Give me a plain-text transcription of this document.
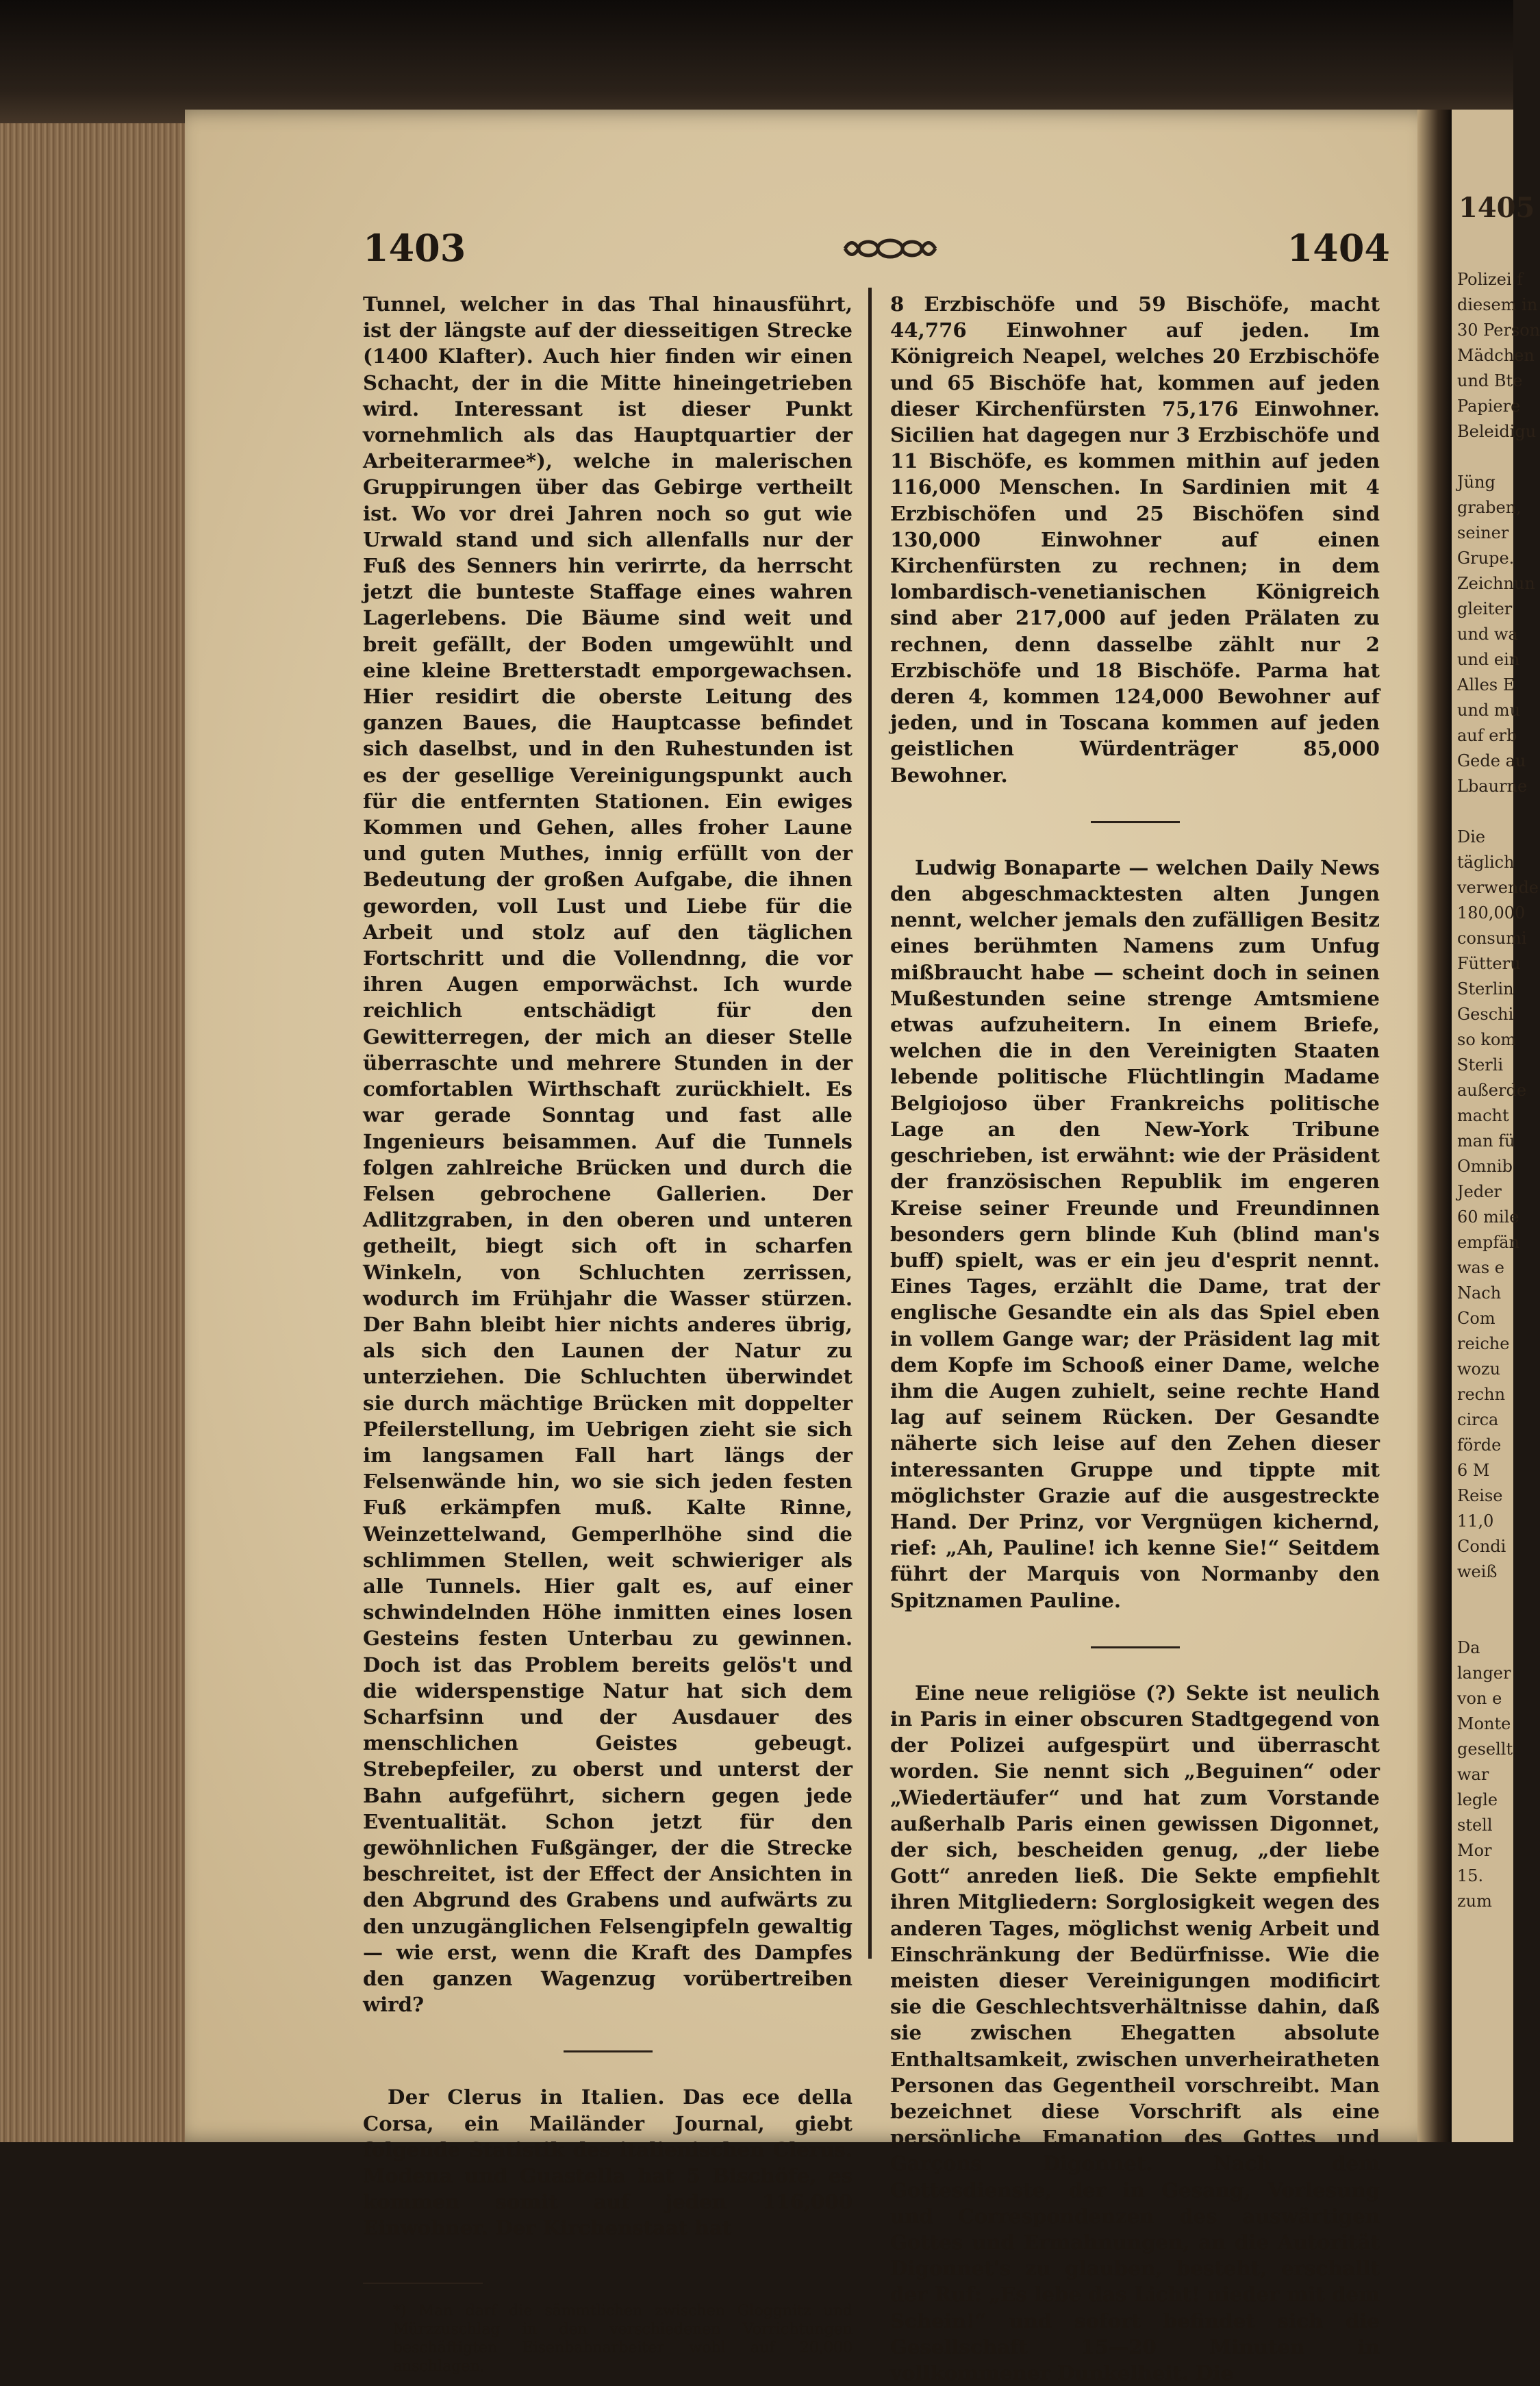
1405
Polizei f
diesem in
30 Person
Mädchen
und Bte
Papiere
Beleidigu
Jüng
graben,
seiner
Grupe.
Zeichnun
gleiter
und wa
und ein
Alles E
und mu
auf erb
Gede au
Lbaurne
Die
täglich
verwende
180,000
consumi
Fütteru
Sterlin
Geschi
so kom
Sterli
außerde
macht
man fü
Omnib
Jeder
60 mile
empfän
was e
Nach
Com
reiche
wozu
rechn
circa
förde
6 M
Reise
11,0
Condi
weiß
Da
langer
von e
Monte
gesellt
war
legle
stell
Mor
15.
zum
1403	1404

Tunnel, welcher in das Thal hinausführt, ist der längste auf der diesseitigen Strecke (1400 Klafter). Auch hier finden wir einen Schacht, der in die Mitte hineingetrieben wird. Interessant ist dieser Punkt vornehmlich als das Hauptquartier der Arbeiterarmee*), welche in malerischen Gruppirungen über das Gebirge vertheilt ist. Wo vor drei Jahren noch so gut wie Urwald stand und sich allenfalls nur der Fuß des Senners hin verirrte, da herrscht jetzt die bunteste Staffage eines wahren Lagerlebens. Die Bäume sind weit und breit gefällt, der Boden umgewühlt und eine kleine Bretterstadt emporgewachsen. Hier residirt die oberste Leitung des ganzen Baues, die Hauptcasse befindet sich daselbst, und in den Ruhestunden ist es der gesellige Vereinigungspunkt auch für die entfernten Stationen. Ein ewiges Kommen und Gehen, alles froher Laune und guten Muthes, innig erfüllt von der Bedeutung der großen Aufgabe, die ihnen geworden, voll Lust und Liebe für die Arbeit und stolz auf den täglichen Fortschritt und die Vollendnng, die vor ihren Augen emporwächst. Ich wurde reichlich entschädigt für den Gewitterregen, der mich an dieser Stelle überraschte und mehrere Stunden in der comfortablen Wirthschaft zurückhielt. Es war gerade Sonntag und fast alle Ingenieurs beisammen. Auf die Tunnels folgen zahlreiche Brücken und durch die Felsen gebrochene Gallerien. Der Adlitzgraben, in den oberen und unteren getheilt, biegt sich oft in scharfen Winkeln, von Schluchten zerrissen, wodurch im Frühjahr die Wasser stürzen. Der Bahn bleibt hier nichts anderes übrig, als sich den Launen der Natur zu unterziehen. Die Schluchten überwindet sie durch mächtige Brücken mit doppelter Pfeilerstellung, im Uebrigen zieht sie sich im langsamen Fall hart längs der Felsenwände hin, wo sie sich jeden festen Fuß erkämpfen muß. Kalte Rinne, Weinzettelwand, Gemperlhöhe sind die schlimmen Stellen, weit schwieriger als alle Tunnels. Hier galt es, auf einer schwindelnden Höhe inmitten eines losen Gesteins festen Unterbau zu gewinnen. Doch ist das Problem bereits gelös't und die widerspenstige Natur hat sich dem Scharfsinn und der Ausdauer des menschlichen Geistes gebeugt. Strebepfeiler, zu oberst und unterst der Bahn aufgeführt, sichern gegen jede Eventualität. Schon jetzt für den gewöhnlichen Fußgänger, der die Strecke beschreitet, ist der Effect der Ansichten in den Abgrund des Grabens und aufwärts zu den unzugänglichen Felsengipfeln gewaltig — wie erst, wenn die Kraft des Dampfes den ganzen Wagenzug vorübertreiben wird?

Der Clerus in Italien. Das ece della Corsa, ein Mailänder Journal, giebt folgende Statistik des italienischen Clerus. Modena und Guastella hat 5 Bischöfe, es kommen somit auf jeden 116,000 Einwohner. Der Kirchenstaat hat

*) Man darf die sämmtlichen zwischen Gloggnitz und Mürzzuschlag in den verschiedenen Vorrichtungen beschäftigten Eisenbahnarbeiter wohl auf 20,000 anschlagen.

8 Erzbischöfe und 59 Bischöfe, macht 44,776 Einwohner auf jeden. Im Königreich Neapel, welches 20 Erzbischöfe und 65 Bischöfe hat, kommen auf jeden dieser Kirchenfürsten 75,176 Einwohner. Sicilien hat dagegen nur 3 Erzbischöfe und 11 Bischöfe, es kommen mithin auf jeden 116,000 Menschen. In Sardinien mit 4 Erzbischöfen und 25 Bischöfen sind 130,000 Einwohner auf einen Kirchenfürsten zu rechnen; in dem lombardisch-venetianischen Königreich sind aber 217,000 auf jeden Prälaten zu rechnen, denn dasselbe zählt nur 2 Erzbischöfe und 18 Bischöfe. Parma hat deren 4, kommen 124,000 Bewohner auf jeden, und in Toscana kommen auf jeden geistlichen Würdenträger 85,000 Bewohner.

Ludwig Bonaparte — welchen Daily News den abgeschmacktesten alten Jungen nennt, welcher jemals den zufälligen Besitz eines berühmten Namens zum Unfug mißbraucht habe — scheint doch in seinen Mußestunden seine strenge Amtsmiene etwas aufzuheitern. In einem Briefe, welchen die in den Vereinigten Staaten lebende politische Flüchtlingin Madame Belgiojoso über Frankreichs politische Lage an den New-York Tribune geschrieben, ist erwähnt: wie der Präsident der französischen Republik im engeren Kreise seiner Freunde und Freundinnen besonders gern blinde Kuh (blind man's buff) spielt, was er ein jeu d'esprit nennt. Eines Tages, erzählt die Dame, trat der englische Gesandte ein als das Spiel eben in vollem Gange war; der Präsident lag mit dem Kopfe im Schooß einer Dame, welche ihm die Augen zuhielt, seine rechte Hand lag auf seinem Rücken. Der Gesandte näherte sich leise auf den Zehen dieser interessanten Gruppe und tippte mit möglichster Grazie auf die ausgestreckte Hand. Der Prinz, vor Vergnügen kichernd, rief: „Ah, Pauline! ich kenne Sie!“ Seitdem führt der Marquis von Normanby den Spitznamen Pauline.

Eine neue religiöse (?) Sekte ist neulich in Paris in einer obscuren Stadtgegend von der Polizei aufgespürt und überrascht worden. Sie nennt sich „Beguinen“ oder „Wiedertäufer“ und hat zum Vorstande außerhalb Paris einen gewissen Digonnet, der sich, bescheiden genug, „der liebe Gott“ anreden ließ. Die Sekte empfiehlt ihren Mitgliedern: Sorglosigkeit wegen des anderen Tages, möglichst wenig Arbeit und Einschränkung der Bedürfnisse. Wie die meisten dieser Vereinigungen modificirt sie die Geschlechtsverhältnisse dahin, daß sie zwischen Ehegatten absolute Enthaltsamkeit, zwischen unverheiratheten Personen das Gegentheil vorschreibt. Man bezeichnet diese Vorschrift als eine persönliche Emanation des Gottes und Garçons Digonnet. Nach dem Gottesdienste, der in Gesang, Vorlesung und Correspondenzen des auswärtigen Gottes und Ermahnungen, an die Autorität Digonnet's zu glauben, besteht, erschallt der Ruf: „Es lebe das Licht! nieder mit dem Schein!“ und sofort befindet sich die Gesellschaft 15—20 Minuten in vollkommener Dunkelheit. Die
